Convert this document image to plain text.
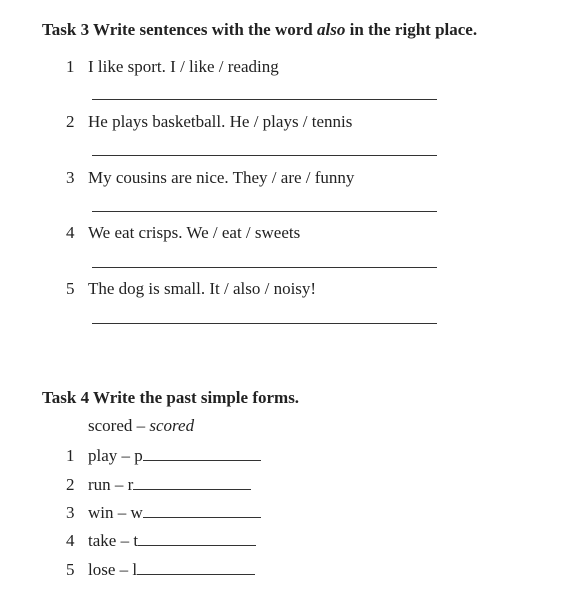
Task 3 Write sentences with the word also in the right place.
1 I like sport. I / like / reading
2 He plays basketball. He / plays / tennis
3 My cousins are nice. They / are / funny
4 We eat crisps. We / eat / sweets
5 The dog is small. It / also / noisy!
Task 4 Write the past simple forms.
scored – scored
1 play – p
2 run – r
3 win – w
4 take – t
5 lose – l
